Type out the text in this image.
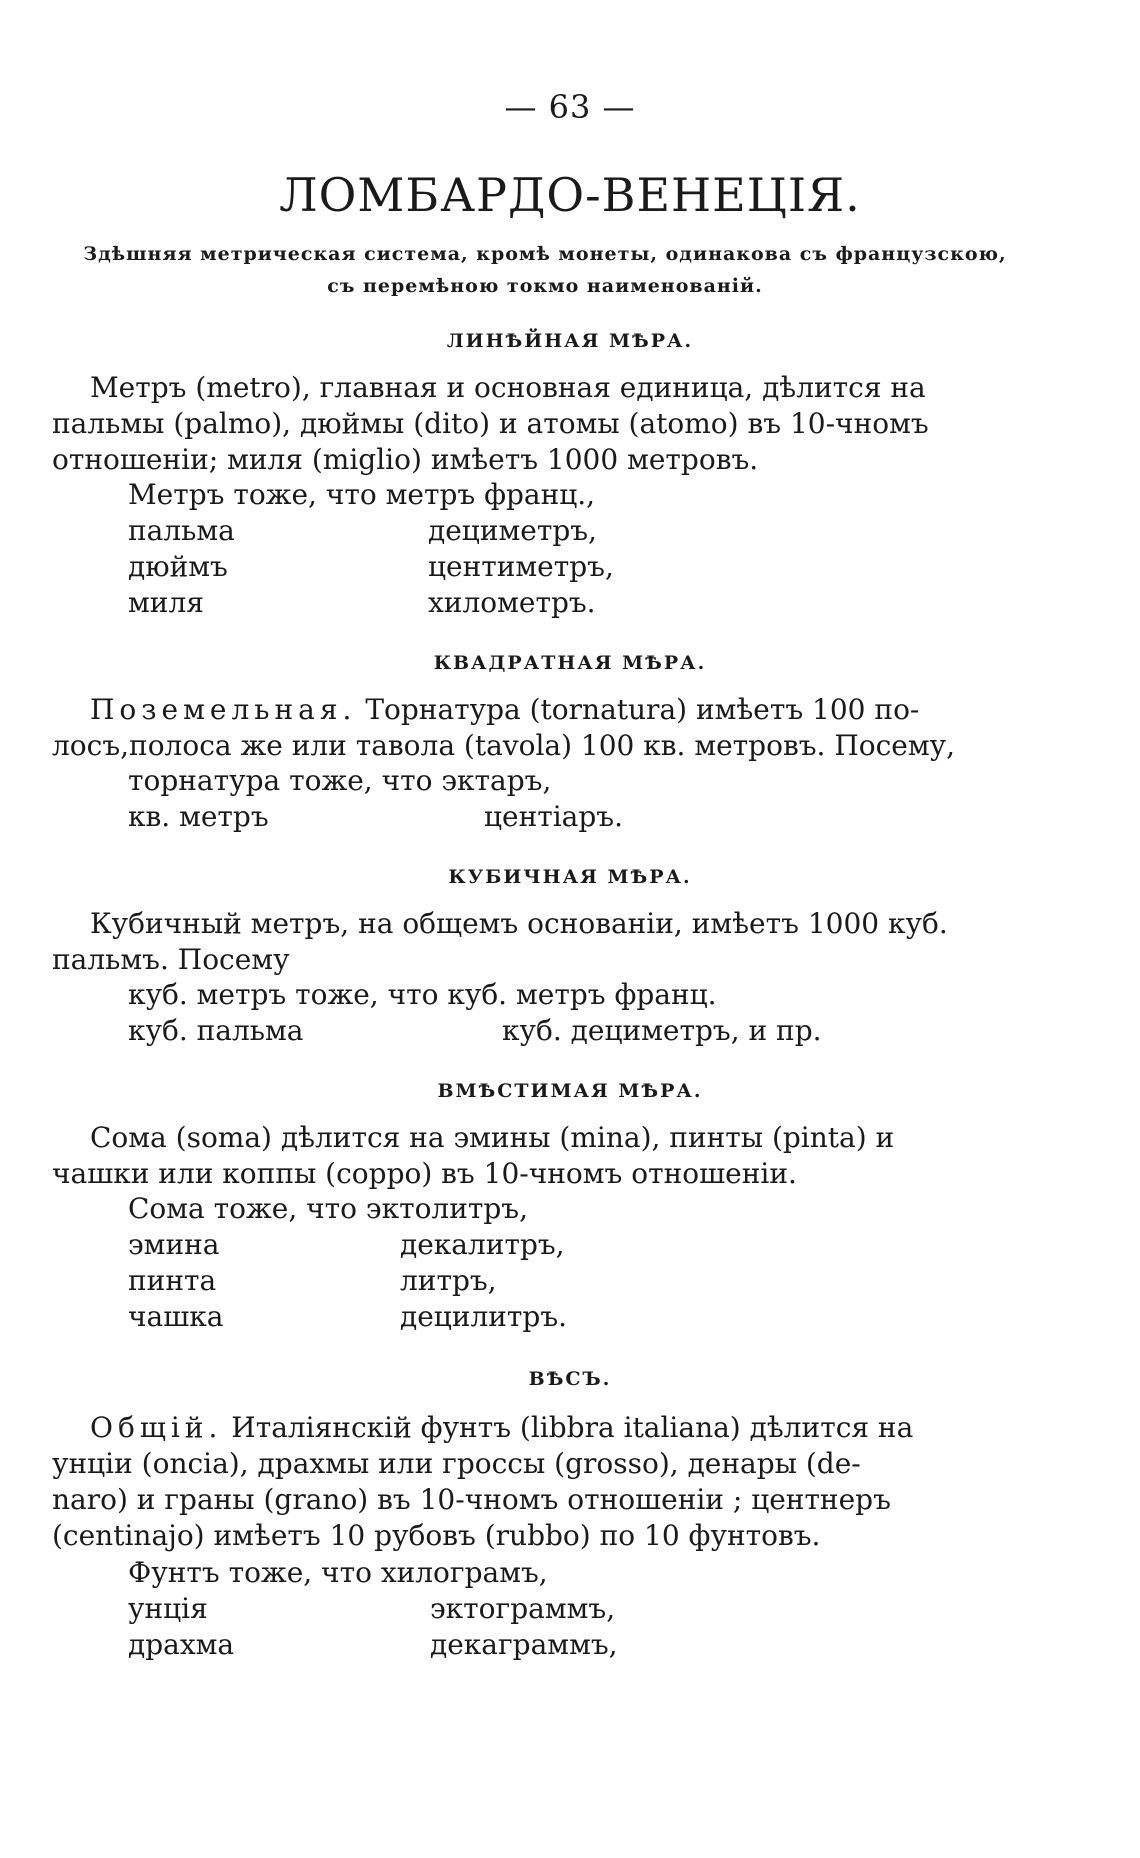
— 63 —
ЛОМБАРДО-ВЕНЕЦІЯ.
Здѣшняя метрическая система, кромѣ монеты, одинакова съ французскою,
съ перемѣною токмо наименованій.
ЛИНѢЙНАЯ МѢРА.
Метръ (metro), главная и основная единица, дѣлится на
пальмы (palmo), дюймы (dito) и атомы (atomo) въ 10-чномъ
отношеніи; миля (miglio) имѣетъ 1000 метровъ.
Метръ тоже, что метръ франц.,
пальма	дециметръ,
дюймъ	центиметръ,
миля	хилометръ.
КВАДРАТНАЯ МѢРА.
Поземельная. Торнатура (tornatura) имѣетъ 100 по-
лосъ,полоса же или тавола (tavola) 100 кв. метровъ. Посему,
торнатура тоже, что эктаръ,
кв. метръ	центіаръ.
КУБИЧНАЯ МѢРА.
Кубичный метръ, на общемъ основаніи, имѣетъ 1000 куб.
пальмъ. Посему
куб. метръ тоже, что куб. метръ франц.
куб. пальма	куб. дециметръ, и пр.
ВМѢСТИМАЯ МѢРА.
Сома (soma) дѣлится на эмины (mina), пинты (pinta) и
чашки или коппы (coppo) въ 10-чномъ отношеніи.
Сома тоже, что эктолитръ,
эмина	декалитръ,
пинта	литръ,
чашка	децилитръ.
ВѢСЪ.
Общій. Италіянскій фунтъ (libbra italiana) дѣлится на
унціи (oncia), драхмы или гроссы (grosso), денары (de-
naro) и граны (grano) въ 10-чномъ отношеніи ; центнеръ
(centinajo) имѣетъ 10 рубовъ (rubbo) по 10 фунтовъ.
Фунтъ тоже, что хилограмъ,
унція	эктограммъ,
драхма	декаграммъ,
